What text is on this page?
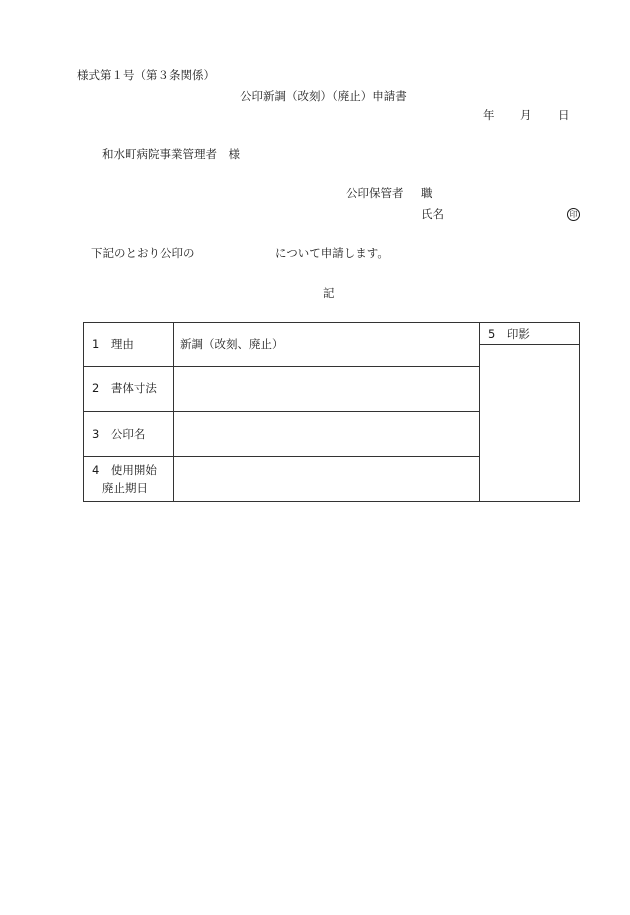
様式第１号（第３条関係）
公印新調（改刻）（廃止）申請書
年 月 日
和水町病院事業管理者　様
公印保管者 職
氏名	印
下記のとおり公印の	について申請します。
記
1　理由	新調（改刻、廃止）
2　書体寸法
3　公印名
4　使用開始
廃止期日
5　印影
